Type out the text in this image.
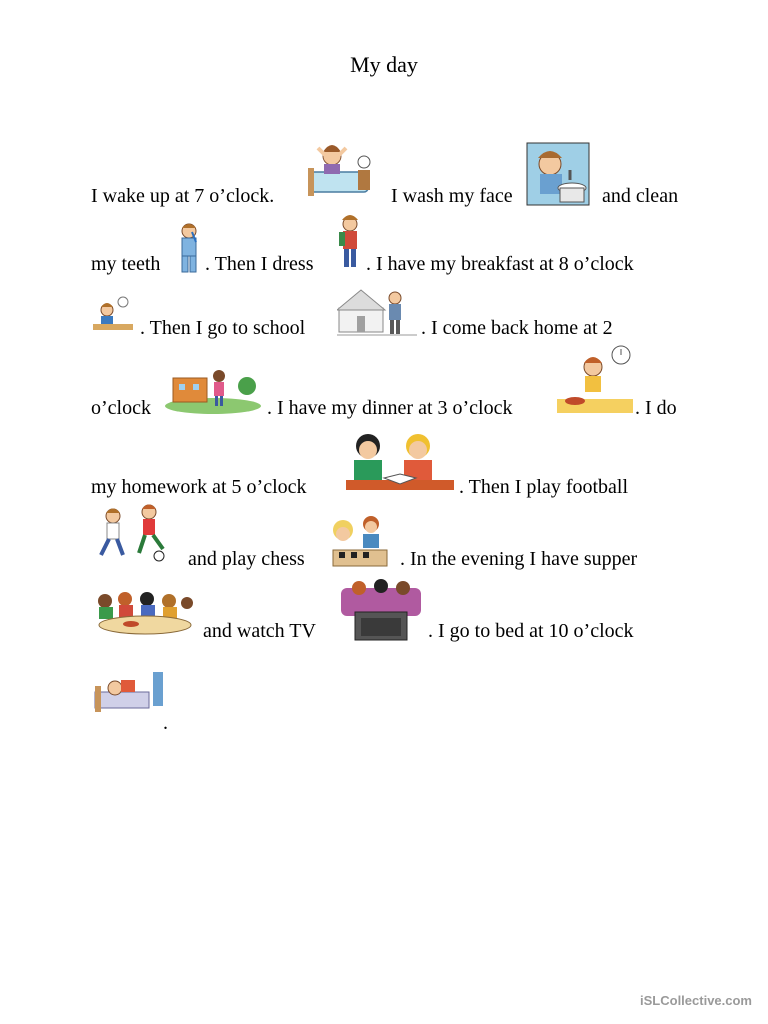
My day
I wake up at 7 o’clock.	I wash my face	and clean
my teeth . Then I dress	. I have my breakfast at 8 o’clock
. Then I go to school	. I come back home at 2
o’clock	. I have my dinner at 3 o’clock	. I do
my homework at 5 o’clock	. Then I play football
and play chess	. In the evening I have supper
and watch TV	. I go to bed at 10 o’clock
.
iSLCollective.com
